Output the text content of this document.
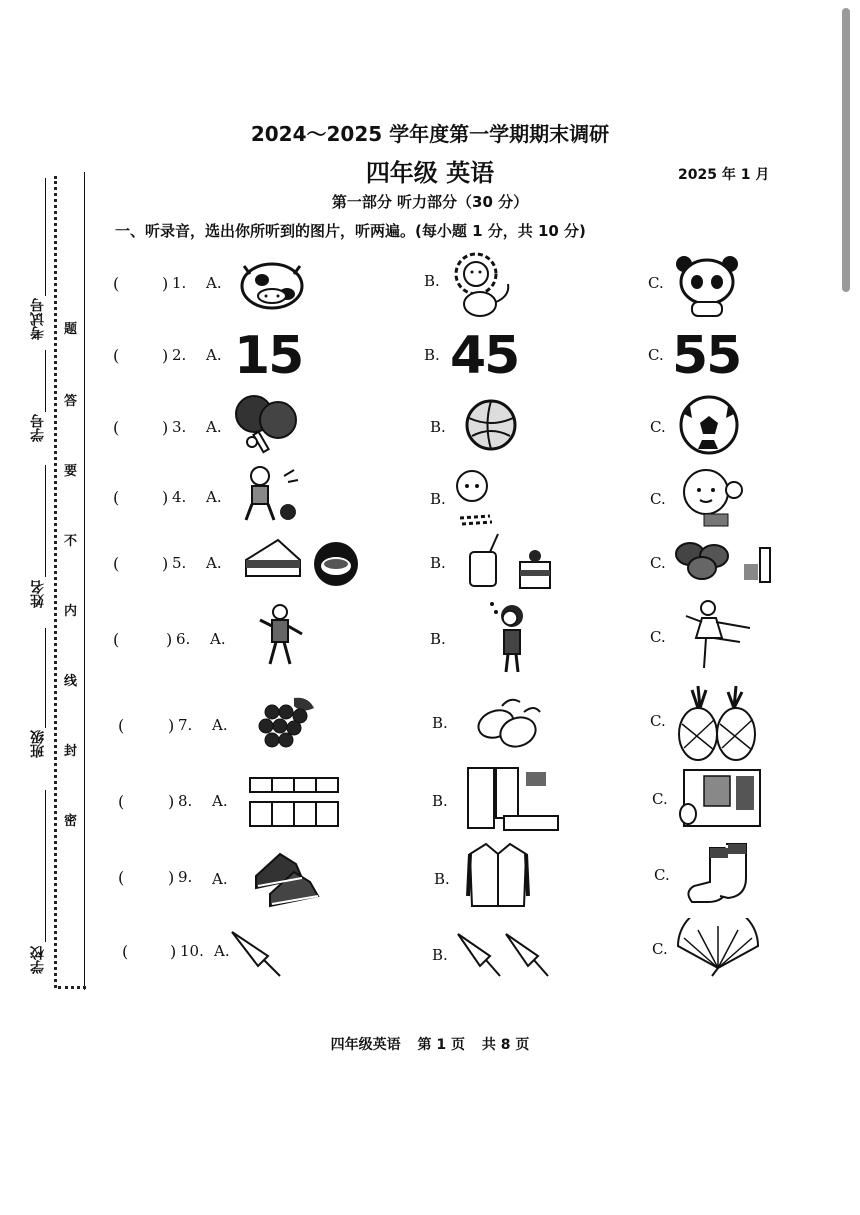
2024～2025 学年度第一学期期末调研
四年级 英语	2025 年 1 月
第一部分 听力部分（30 分）
一、听录音，选出你所听到的图片，听两遍。(每小题 1 分，共 10 分)
考试号
学号
姓名
班级
学校
题
答
要
不
内
线
封
密
(	) 1. A.	B.	C.
(	) 2. A. 15	B. 45	C. 55
(	) 3. A.	B.	C.
(	) 4. A.	B.	C.
(	) 5. A.	B.	C.
(	) 6. A.	B.	C.
(	) 7. A.	B.	C.
(	) 8. A.	B.	C.
(	) 9. A.	B.	C.
(	) 10. A.	B.	C.
四年级英语 第 1 页 共 8 页
